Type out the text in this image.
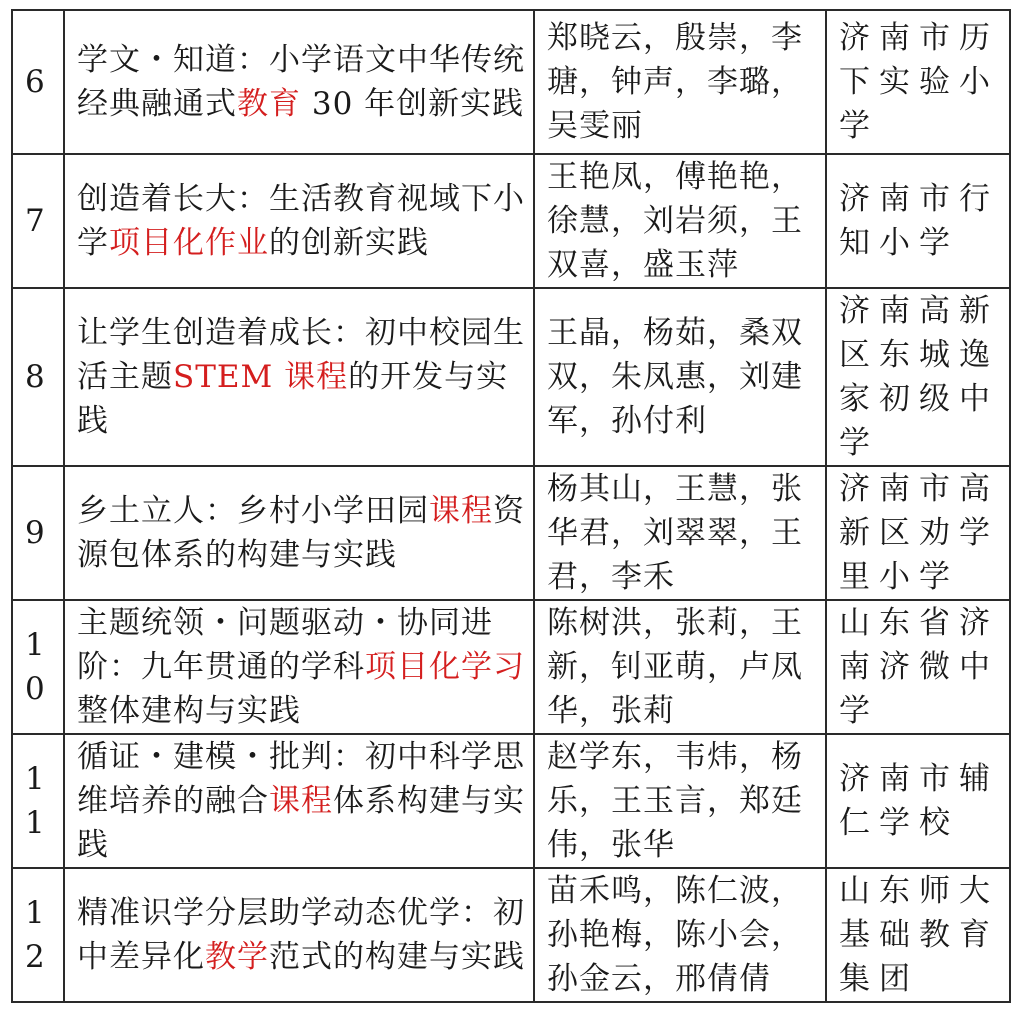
6	学文・知道：小学语文中华传统经典融通式教育 30 年创新实践	郑晓云，殷崇，李瑭，钟声，李璐，吴雯丽	济南市历下实验小学
7	创造着长大：生活教育视域下小学项目化作业的创新实践	王艳凤，傅艳艳，徐慧，刘岩须，王双喜，盛玉萍	济南市行知小学
8	让学生创造着成长：初中校园生活主题STEM 课程的开发与实践	王晶，杨茹，桑双双，朱凤惠，刘建军，孙付利	济南高新区东城逸家初级中学
9	乡土立人：乡村小学田园课程资源包体系的构建与实践	杨其山，王慧，张华君，刘翠翠，王君，李禾	济南市高新区劝学里小学
10	主题统领・问题驱动・协同进阶：九年贯通的学科项目化学习整体建构与实践	陈树洪，张莉，王新，钊亚萌，卢凤华，张莉	山东省济南济微中学
11	循证・建模・批判：初中科学思维培养的融合课程体系构建与实践	赵学东，韦炜，杨乐，王玉言，郑廷伟，张华	济南市辅仁学校
12	精准识学分层助学动态优学：初中差异化教学范式的构建与实践	苗禾鸣，陈仁波，孙艳梅，陈小会，孙金云，邢倩倩	山东师大基础教育集团
